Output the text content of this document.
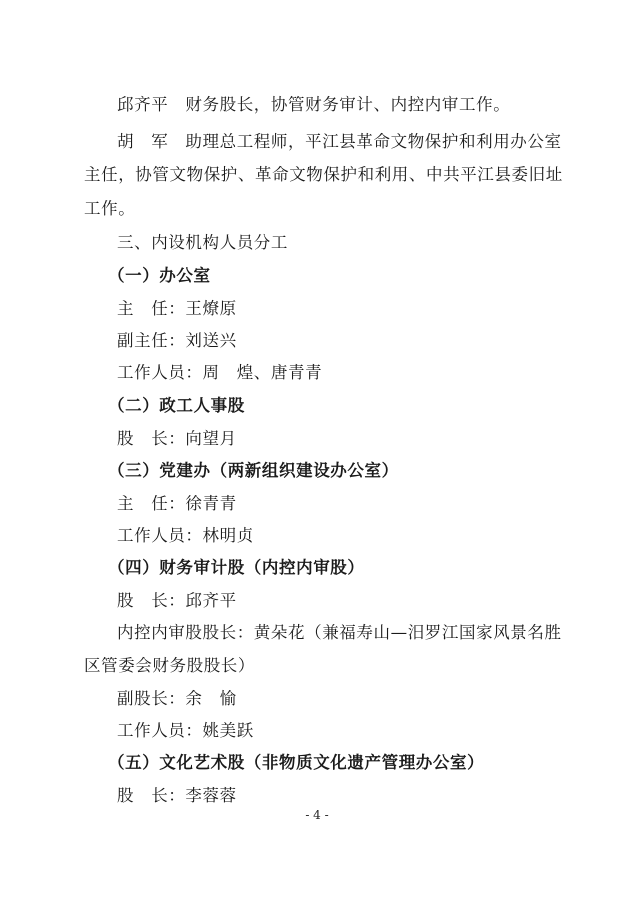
邱齐平　财务股长，协管财务审计、内控内审工作。
胡　军　助理总工程师，平江县革命文物保护和利用办公室
主任，协管文物保护、革命文物保护和利用、中共平江县委旧址
工作。
三、内设机构人员分工
（一）办公室
主　任：王燎原
副主任：刘送兴
工作人员：周　煌、唐青青
（二）政工人事股
股　长：向望月
（三）党建办（两新组织建设办公室）
主　任：徐青青
工作人员：林明贞
（四）财务审计股（内控内审股）
股　长：邱齐平
内控内审股股长：黄朵花（兼福寿山—汨罗江国家风景名胜
区管委会财务股股长）
副股长：余　愉
工作人员：姚美跃
（五）文化艺术股（非物质文化遗产管理办公室）
股　长：李蓉蓉
- 4 -
